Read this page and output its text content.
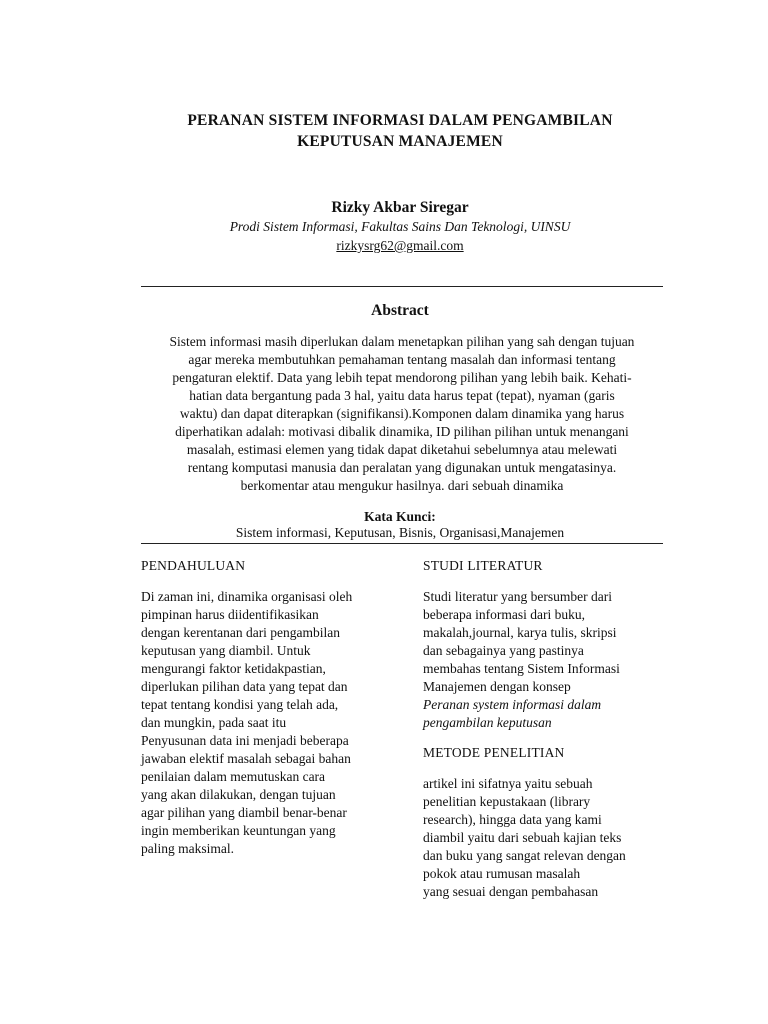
PERANAN SISTEM INFORMASI DALAM PENGAMBILAN
KEPUTUSAN MANAJEMEN
Rizky Akbar Siregar
Prodi Sistem Informasi, Fakultas Sains Dan Teknologi, UINSU
rizkysrg62@gmail.com
Abstract
Sistem informasi masih diperlukan dalam menetapkan pilihan yang sah dengan tujuan
agar mereka membutuhkan pemahaman tentang masalah dan informasi tentang
pengaturan elektif. Data yang lebih tepat mendorong pilihan yang lebih baik. Kehati-
hatian data bergantung pada 3 hal, yaitu data harus tepat (tepat), nyaman (garis
waktu) dan dapat diterapkan (signifikansi).Komponen dalam dinamika yang harus
diperhatikan adalah: motivasi dibalik dinamika, ID pilihan pilihan untuk menangani
masalah, estimasi elemen yang tidak dapat diketahui sebelumnya atau melewati
rentang komputasi manusia dan peralatan yang digunakan untuk mengatasinya.
berkomentar atau mengukur hasilnya. dari sebuah dinamika
Kata Kunci:
Sistem informasi, Keputusan, Bisnis, Organisasi,Manajemen
PENDAHULUAN
Di zaman ini, dinamika organisasi oleh
pimpinan harus diidentifikasikan
dengan kerentanan dari pengambilan
keputusan yang diambil. Untuk
mengurangi faktor ketidakpastian,
diperlukan pilihan data yang tepat dan
tepat tentang kondisi yang telah ada,
dan mungkin, pada saat itu
Penyusunan data ini menjadi beberapa
jawaban elektif masalah sebagai bahan
penilaian dalam memutuskan cara
yang akan dilakukan, dengan tujuan
agar pilihan yang diambil benar-benar
ingin memberikan keuntungan yang
paling maksimal.
STUDI LITERATUR
Studi literatur yang bersumber dari
beberapa informasi dari buku,
makalah,journal, karya tulis, skripsi
dan sebagainya yang pastinya
membahas tentang Sistem Informasi
Manajemen dengan konsep
Peranan system informasi dalam
pengambilan keputusan
METODE PENELITIAN
artikel ini sifatnya yaitu sebuah
penelitian kepustakaan (library
research), hingga data yang kami
diambil yaitu dari sebuah kajian teks
dan buku yang sangat relevan dengan
pokok atau rumusan masalah
yang sesuai dengan pembahasan
